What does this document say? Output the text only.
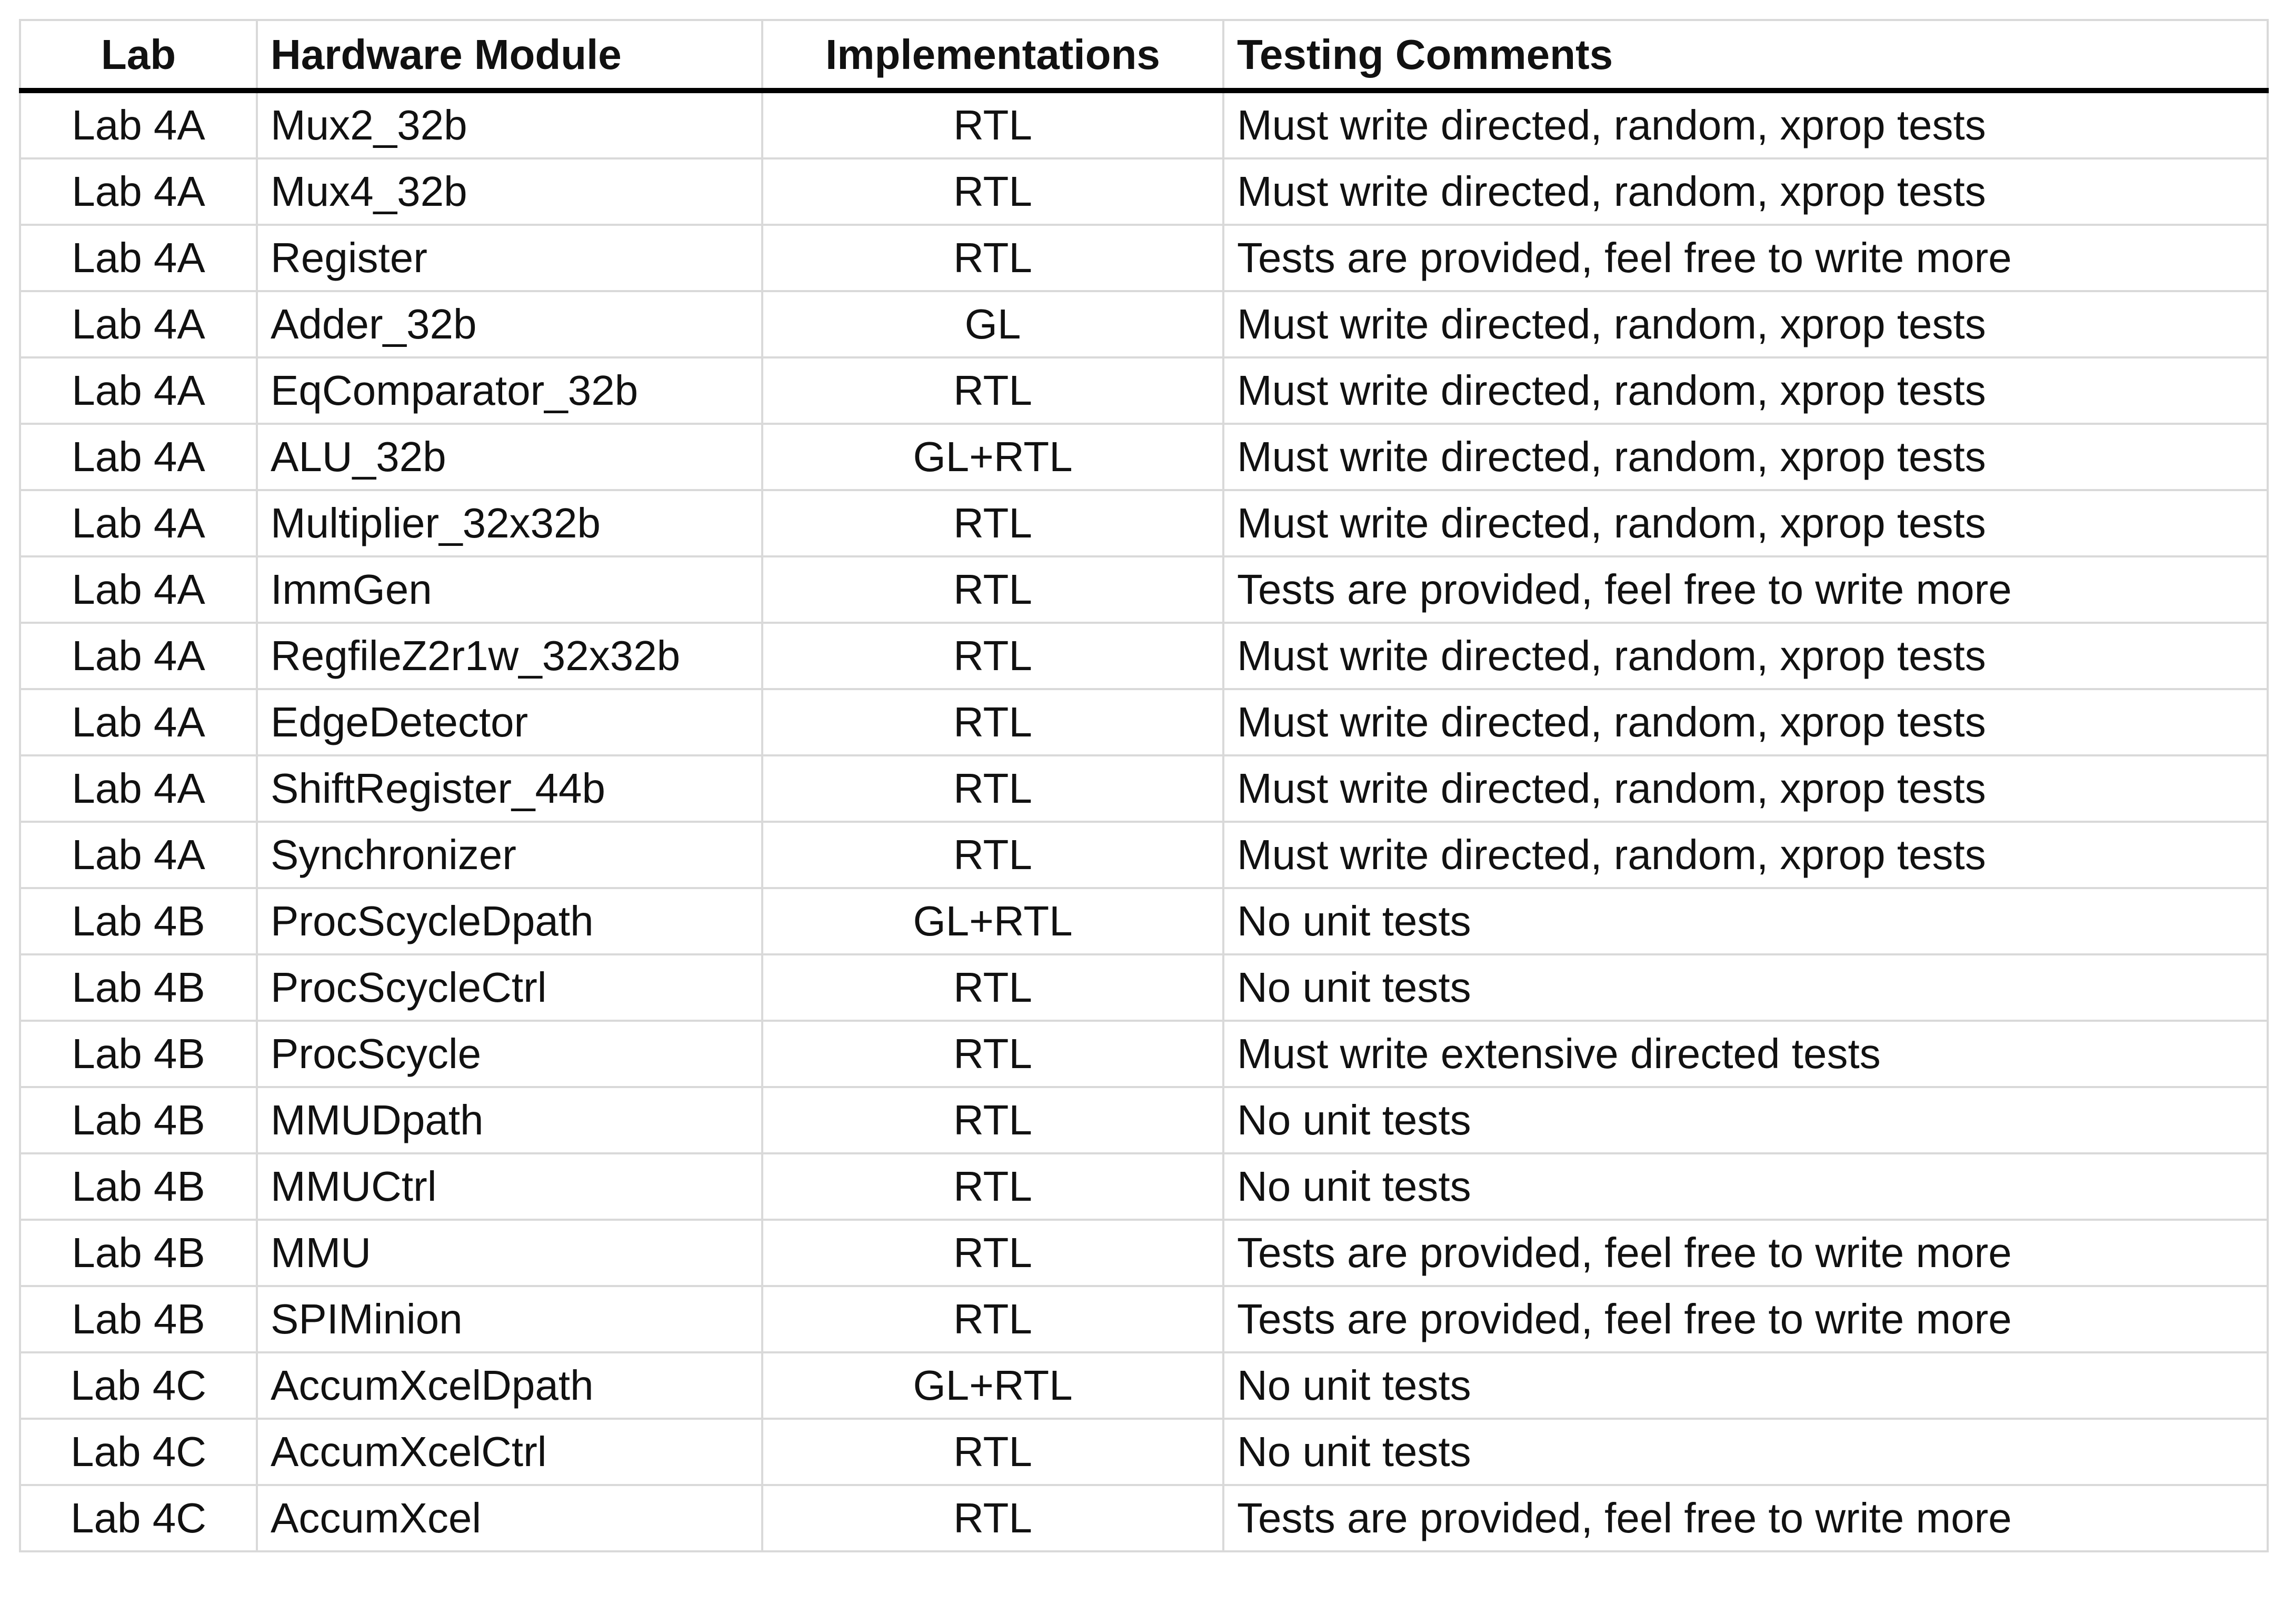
Lab	Hardware Module	Implementations	Testing Comments
Lab 4A	Mux2_32b	RTL	Must write directed, random, xprop tests
Lab 4A	Mux4_32b	RTL	Must write directed, random, xprop tests
Lab 4A	Register	RTL	Tests are provided, feel free to write more
Lab 4A	Adder_32b	GL	Must write directed, random, xprop tests
Lab 4A	EqComparator_32b	RTL	Must write directed, random, xprop tests
Lab 4A	ALU_32b	GL+RTL	Must write directed, random, xprop tests
Lab 4A	Multiplier_32x32b	RTL	Must write directed, random, xprop tests
Lab 4A	ImmGen	RTL	Tests are provided, feel free to write more
Lab 4A	RegfileZ2r1w_32x32b	RTL	Must write directed, random, xprop tests
Lab 4A	EdgeDetector	RTL	Must write directed, random, xprop tests
Lab 4A	ShiftRegister_44b	RTL	Must write directed, random, xprop tests
Lab 4A	Synchronizer	RTL	Must write directed, random, xprop tests
Lab 4B	ProcScycleDpath	GL+RTL	No unit tests
Lab 4B	ProcScycleCtrl	RTL	No unit tests
Lab 4B	ProcScycle	RTL	Must write extensive directed tests
Lab 4B	MMUDpath	RTL	No unit tests
Lab 4B	MMUCtrl	RTL	No unit tests
Lab 4B	MMU	RTL	Tests are provided, feel free to write more
Lab 4B	SPIMinion	RTL	Tests are provided, feel free to write more
Lab 4C	AccumXcelDpath	GL+RTL	No unit tests
Lab 4C	AccumXcelCtrl	RTL	No unit tests
Lab 4C	AccumXcel	RTL	Tests are provided, feel free to write more
